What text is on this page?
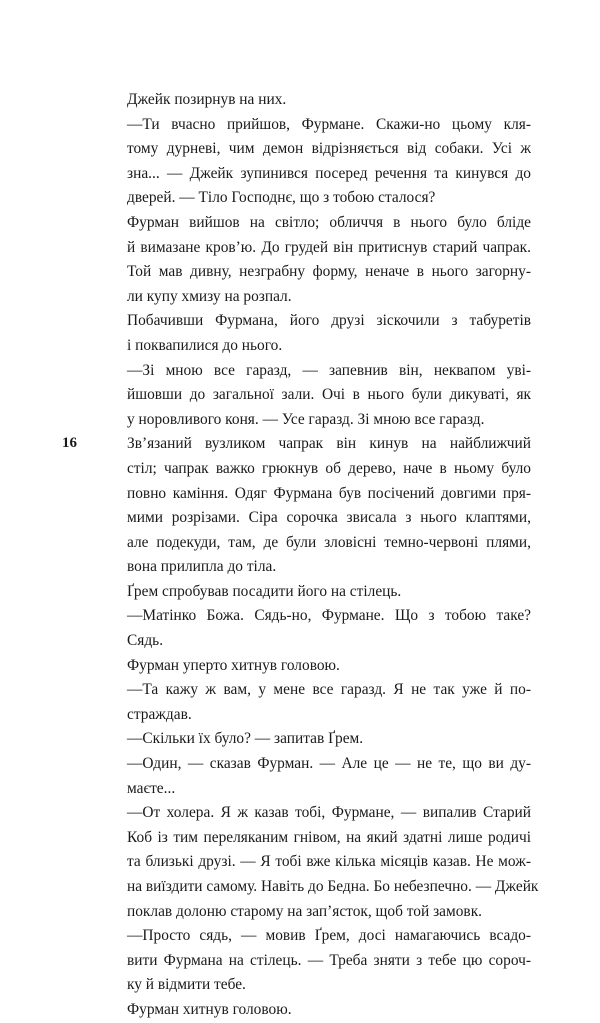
16
Джейк позирнув на них.
—Ти вчасно прийшов, Фурмане. Скажи-но цьому кля-
тому дурневі, чим демон відрізняється від собаки. Усі ж
зна... — Джейк зупинився посеред речення та кинувся до
дверей. — Тіло Господнє, що з тобою сталося?
Фурман вийшов на світло; обличчя в нього було бліде
й вимазане кров’ю. До грудей він притиснув старий чапрак.
Той мав дивну, незграбну форму, неначе в нього загорну-
ли купу хмизу на розпал.
Побачивши Фурмана, його друзі зіскочили з табуретів
і поквапилися до нього.
—Зі мною все гаразд, — запевнив він, неквапом уві-
йшовши до загальної зали. Очі в нього були дикуваті, як
у норовливого коня. — Усе гаразд. Зі мною все гаразд.
Зв’язаний вузликом чапрак він кинув на найближчий
стіл; чапрак важко грюкнув об дерево, наче в ньому було
повно каміння. Одяг Фурмана був посічений довгими пря-
мими розрізами. Сіра сорочка звисала з нього клаптями,
але подекуди, там, де були зловісні темно-червоні плями,
вона прилипла до тіла.
Ґрем спробував посадити його на стілець.
—Матінко Божа. Сядь-но, Фурмане. Що з тобою таке?
Сядь.
Фурман уперто хитнув головою.
—Та кажу ж вам, у мене все гаразд. Я не так уже й по-
страждав.
—Скільки їх було? — запитав Ґрем.
—Один, — сказав Фурман. — Але це — не те, що ви ду-
маєте...
—От холера. Я ж казав тобі, Фурмане, — випалив Старий
Коб із тим переляканим гнівом, на який здатні лише родичі
та близькі друзі. — Я тобі вже кілька місяців казав. Не мож-
на виїздити самому. Навіть до Бедна. Бо небезпечно. — Джейк
поклав долоню старому на зап’ясток, щоб той замовк.
—Просто сядь, — мовив Ґрем, досі намагаючись всадо-
вити Фурмана на стілець. — Треба зняти з тебе цю сороч-
ку й відмити тебе.
Фурман хитнув головою.
